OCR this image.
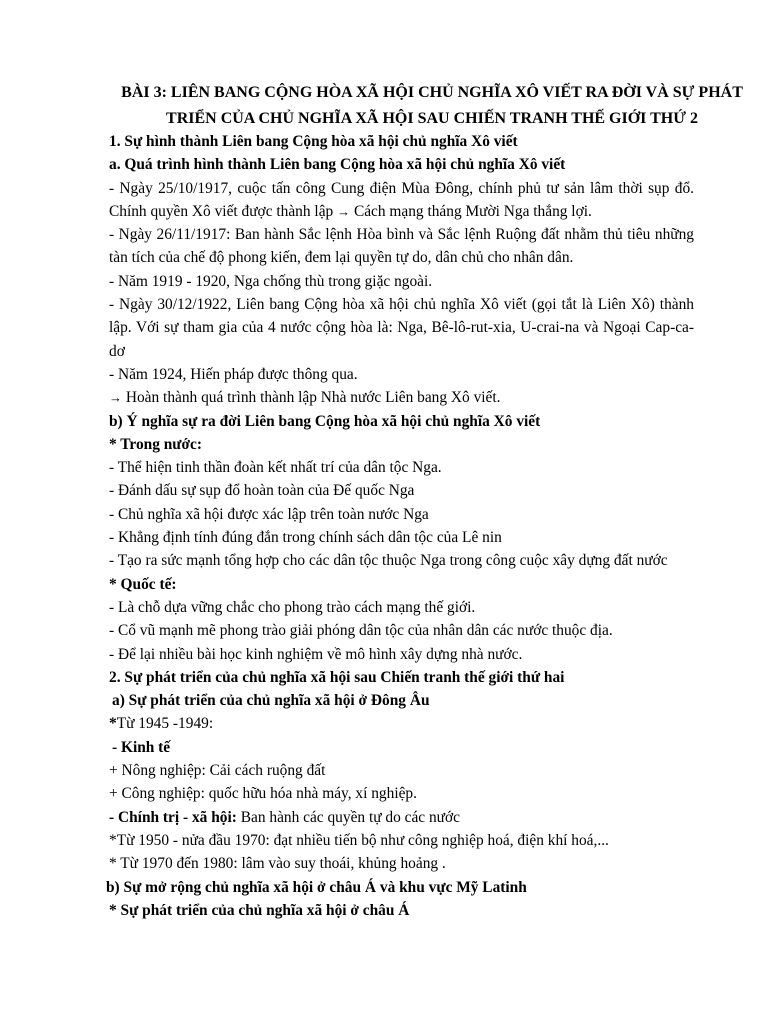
BÀI 3: LIÊN BANG CỘNG HÒA XÃ HỘI CHỦ NGHĨA XÔ VIẾT RA ĐỜI VÀ SỰ PHÁT
TRIỂN CỦA CHỦ NGHĨA XÃ HỘI SAU CHIẾN TRANH THẾ GIỚI THỨ 2

1. Sự hình thành Liên bang Cộng hòa xã hội chủ nghĩa Xô viết

a. Quá trình hình thành Liên bang Cộng hòa xã hội chủ nghĩa Xô viết

- Ngày 25/10/1917, cuộc tấn công Cung điện Mùa Đông, chính phủ tư sản lâm thời sụp đổ. Chính quyền Xô viết được thành lập → Cách mạng tháng Mười Nga thắng lợi.

- Ngày 26/11/1917: Ban hành Sắc lệnh Hòa bình và Sắc lệnh Ruộng đất nhằm thủ tiêu những tàn tích của chế độ phong kiến, đem lại quyền tự do, dân chủ cho nhân dân.

- Năm 1919 - 1920, Nga chống thù trong giặc ngoài.

- Ngày 30/12/1922, Liên bang Cộng hòa xã hội chủ nghĩa Xô viết (gọi tắt là Liên Xô) thành lập. Với sự tham gia của 4 nước cộng hòa là: Nga, Bê-lô-rut-xia, U-crai-na và Ngoại Cap-ca-dơ

- Năm 1924, Hiến pháp được thông qua.

→ Hoàn thành quá trình thành lập Nhà nước Liên bang Xô viết.

b) Ý nghĩa sự ra đời Liên bang Cộng hòa xã hội chủ nghĩa Xô viết

* Trong nước:

- Thể hiện tinh thần đoàn kết nhất trí của dân tộc Nga.

- Đánh dấu sự sụp đổ hoàn toàn của Đế quốc Nga

- Chủ nghĩa xã hội được xác lập trên toàn nước Nga

- Khẳng định tính đúng đắn trong chính sách dân tộc của Lê nin

- Tạo ra sức mạnh tổng hợp cho các dân tộc thuộc Nga trong công cuộc xây dựng đất nước

* Quốc tế:

- Là chỗ dựa vững chắc cho phong trào cách mạng thế giới.

- Cổ vũ mạnh mẽ phong trào giải phóng dân tộc của nhân dân các nước thuộc địa.

- Để lại nhiều bài học kinh nghiệm về mô hình xây dựng nhà nước.

2. Sự phát triển của chủ nghĩa xã hội sau Chiến tranh thế giới thứ hai

a) Sự phát triển của chủ nghĩa xã hội ở Đông Âu

*Từ 1945 -1949:

- Kinh tế

+ Nông nghiệp: Cải cách ruộng đất

+ Công nghiệp: quốc hữu hóa nhà máy, xí nghiệp.

- Chính trị - xã hội: Ban hành các quyền tự do các nước

*Từ 1950 - nửa đầu 1970: đạt nhiều tiến bộ như công nghiệp hoá, điện khí hoá,...

* Từ 1970 đến 1980: lâm vào suy thoái, khủng hoảng .

b) Sự mở rộng chủ nghĩa xã hội ở châu Á và khu vực Mỹ Latinh

* Sự phát triển của chủ nghĩa xã hội ở châu Á
